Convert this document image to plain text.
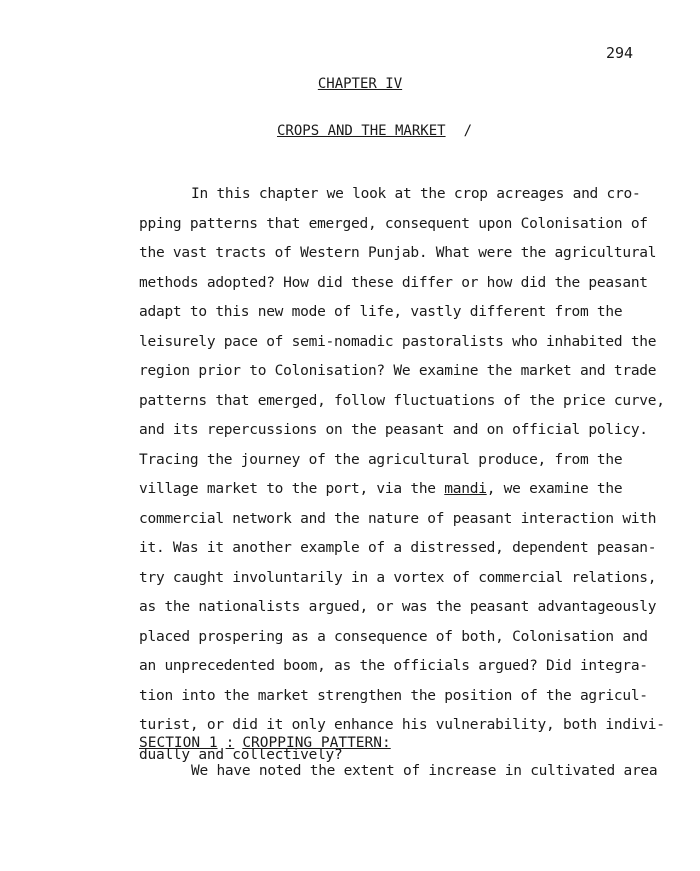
294
CHAPTER IV
CROPS AND THE MARKET /
In this chapter we look at the crop acreages and cro-
pping patterns that emerged, consequent upon Colonisation of
the vast tracts of Western Punjab. What were the agricultural
methods adopted? How did these differ or how did the peasant
adapt to this new mode of life, vastly different from the
leisurely pace of semi-nomadic pastoralists who inhabited the
region prior to Colonisation? We examine the market and trade
patterns that emerged, follow fluctuations of the price curve,
and its repercussions on the peasant and on official policy.
Tracing the journey of the agricultural produce, from the
village market to the port, via the mandi, we examine the
commercial network and the nature of peasant interaction with
it. Was it another example of a distressed, dependent peasan-
try caught involuntarily in a vortex of commercial relations,
as the nationalists argued, or was the peasant advantageously
placed prospering as a consequence of both, Colonisation and
an unprecedented boom, as the officials argued? Did integra-
tion into the market strengthen the position of the agricul-
turist, or did it only enhance his vulnerability, both indivi-
dually and collectively?
SECTION 1 : CROPPING PATTERN:
We have noted the extent of increase in cultivated area
